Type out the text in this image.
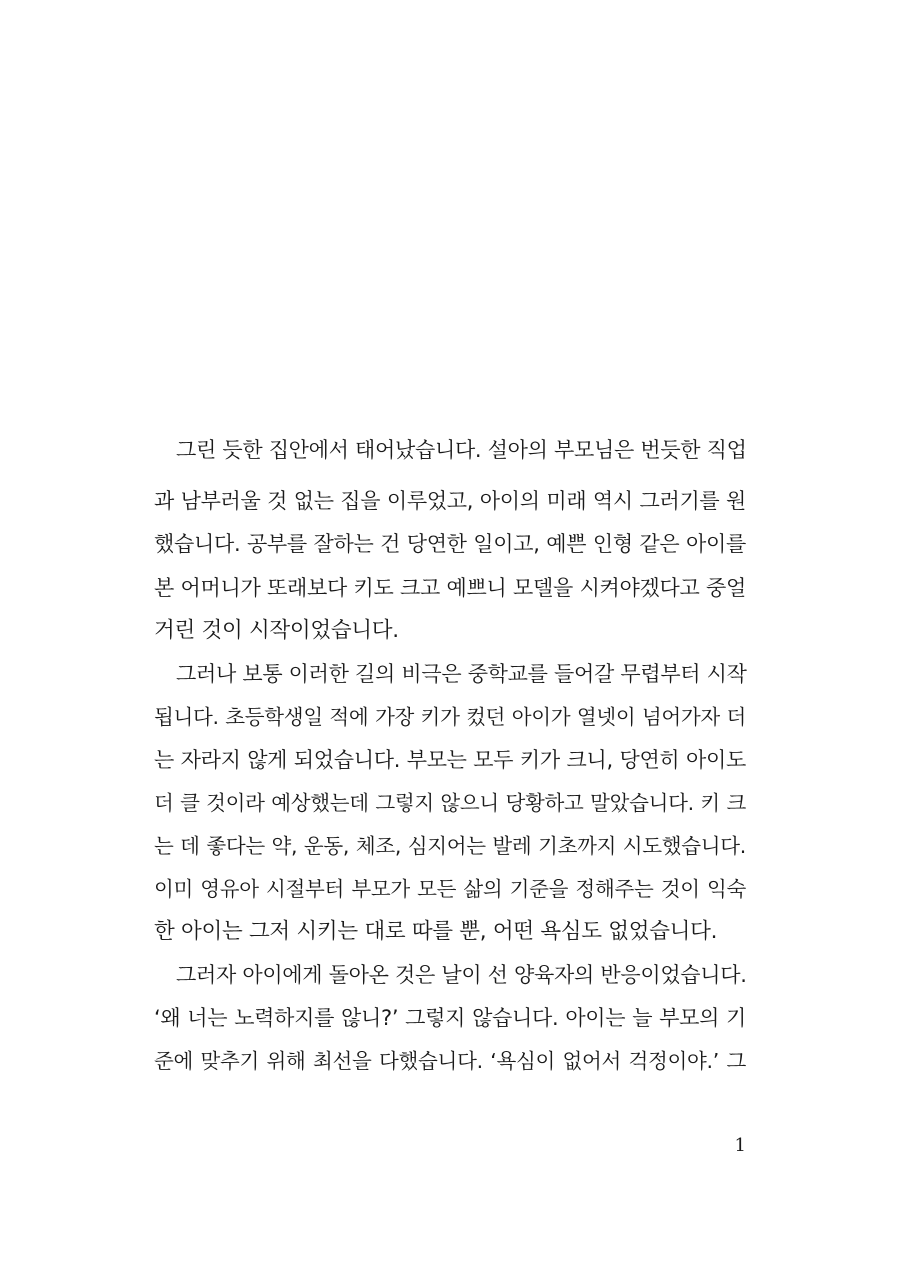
그린 듯한 집안에서 태어났습니다. 설아의 부모님은 번듯한 직업
과 남부러울 것 없는 집을 이루었고, 아이의 미래 역시 그러기를 원
했습니다. 공부를 잘하는 건 당연한 일이고, 예쁜 인형 같은 아이를
본 어머니가 또래보다 키도 크고 예쁘니 모델을 시켜야겠다고 중얼
거린 것이 시작이었습니다.
그러나 보통 이러한 길의 비극은 중학교를 들어갈 무렵부터 시작
됩니다. 초등학생일 적에 가장 키가 컸던 아이가 열넷이 넘어가자 더
는 자라지 않게 되었습니다. 부모는 모두 키가 크니, 당연히 아이도
더 클 것이라 예상했는데 그렇지 않으니 당황하고 말았습니다. 키 크
는 데 좋다는 약, 운동, 체조, 심지어는 발레 기초까지 시도했습니다.
이미 영유아 시절부터 부모가 모든 삶의 기준을 정해주는 것이 익숙
한 아이는 그저 시키는 대로 따를 뿐, 어떤 욕심도 없었습니다.
그러자 아이에게 돌아온 것은 날이 선 양육자의 반응이었습니다.
‘왜 너는 노력하지를 않니?’ 그렇지 않습니다. 아이는 늘 부모의 기
준에 맞추기 위해 최선을 다했습니다. ‘욕심이 없어서 걱정이야.’ 그
1
